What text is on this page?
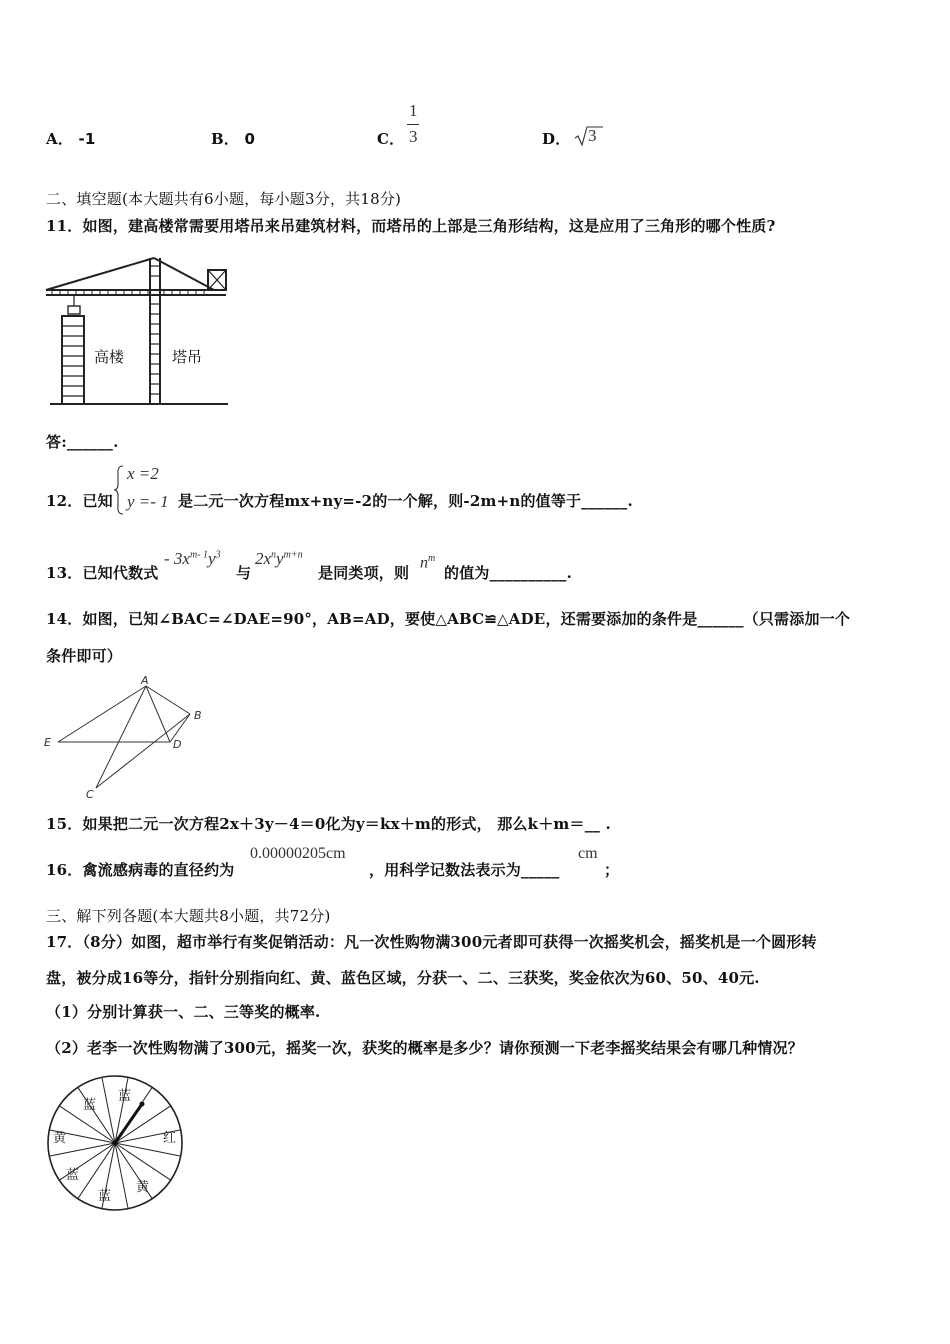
A． -1	B． 0	C．
1
3	D． 3
二、填空题(本大题共有6小题，每小题3分，共18分)
11．如图，建高楼常需要用塔吊来吊建筑材料，而塔吊的上部是三角形结构，这是应用了三角形的哪个性质?
高楼	塔吊
答:______.
12．已知
x =2
y =- 1 是二元一次方程mx+ny=-2的一个解，则-2m+n的值等于______.
13．已知代数式
- $3x^{m- 1}y^3$
与
$2x^ny^{m+n}$
是同类项，则
$n^m$
的值为__________.
14．如图，已知∠BAC=∠DAE=90°，AB=AD，要使△ABC≌△ADE，还需要添加的条件是______（只需添加一个
条件即可）
A
B
C
D
E
15．如果把二元一次方程2x＋3y－4＝0化为y＝kx＋m的形式， 那么k＋m＝__ .
16．禽流感病毒的直径约为
0.00000205cm
，用科学记数法表示为_____
cm
；
三、解下列各题(本大题共8小题，共72分)
17．（8分）如图，超市举行有奖促销活动：凡一次性购物满300元者即可获得一次摇奖机会，摇奖机是一个圆形转
盘，被分成16等分，指针分别指向红、黄、蓝色区域，分获一、二、三获奖，奖金依次为60、50、40元.
（1）分别计算获一、二、三等奖的概率.
（2）老李一次性购物满了300元，摇奖一次，获奖的概率是多少？请你预测一下老李摇奖结果会有哪几种情况？
蓝
蓝
黄	红
蓝
蓝
黄
